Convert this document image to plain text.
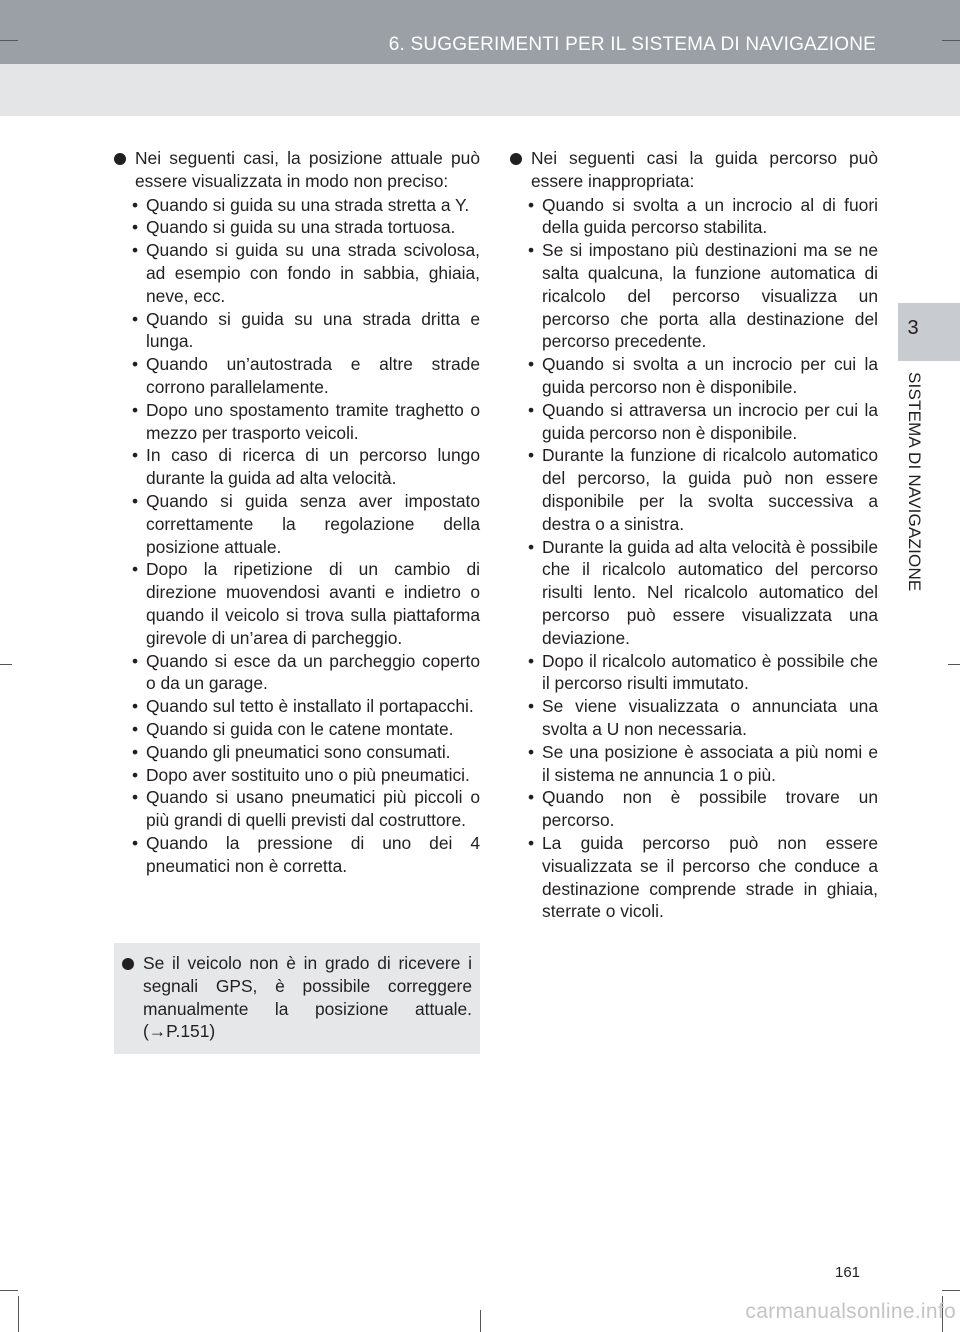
6. SUGGERIMENTI PER IL SISTEMA DI NAVIGAZIONE
3
SISTEMA DI NAVIGAZIONE
Nei seguenti casi, la posizione attuale può essere visualizzata in modo non preciso:
• Quando si guida su una strada stretta a Y.
• Quando si guida su una strada tortuosa.
• Quando si guida su una strada scivolosa, ad esempio con fondo in sabbia, ghiaia, neve, ecc.
• Quando si guida su una strada dritta e lunga.
• Quando un’autostrada e altre strade corrono parallelamente.
• Dopo uno spostamento tramite traghetto o mezzo per trasporto veicoli.
• In caso di ricerca di un percorso lungo durante la guida ad alta velocità.
• Quando si guida senza aver impostato correttamente la regolazione della posizione attuale.
• Dopo la ripetizione di un cambio di direzione muovendosi avanti e indietro o quando il veicolo si trova sulla piattaforma girevole di un’area di parcheggio.
• Quando si esce da un parcheggio coperto o da un garage.
• Quando sul tetto è installato il portapacchi.
• Quando si guida con le catene montate.
• Quando gli pneumatici sono consumati.
• Dopo aver sostituito uno o più pneumatici.
• Quando si usano pneumatici più piccoli o più grandi di quelli previsti dal costruttore.
• Quando la pressione di uno dei 4 pneumatici non è corretta.
Se il veicolo non è in grado di ricevere i segnali GPS, è possibile correggere manualmente la posizione attuale. (→P.151)
Nei seguenti casi la guida percorso può essere inappropriata:
• Quando si svolta a un incrocio al di fuori della guida percorso stabilita.
• Se si impostano più destinazioni ma se ne salta qualcuna, la funzione automatica di ricalcolo del percorso visualizza un percorso che porta alla destinazione del percorso precedente.
• Quando si svolta a un incrocio per cui la guida percorso non è disponibile.
• Quando si attraversa un incrocio per cui la guida percorso non è disponibile.
• Durante la funzione di ricalcolo automatico del percorso, la guida può non essere disponibile per la svolta successiva a destra o a sinistra.
• Durante la guida ad alta velocità è possibile che il ricalcolo automatico del percorso risulti lento. Nel ricalcolo automatico del percorso può essere visualizzata una deviazione.
• Dopo il ricalcolo automatico è possibile che il percorso risulti immutato.
• Se viene visualizzata o annunciata una svolta a U non necessaria.
• Se una posizione è associata a più nomi e il sistema ne annuncia 1 o più.
• Quando non è possibile trovare un percorso.
• La guida percorso può non essere visualizzata se il percorso che conduce a destinazione comprende strade in ghiaia, sterrate o vicoli.
161
carmanualsonline.info
